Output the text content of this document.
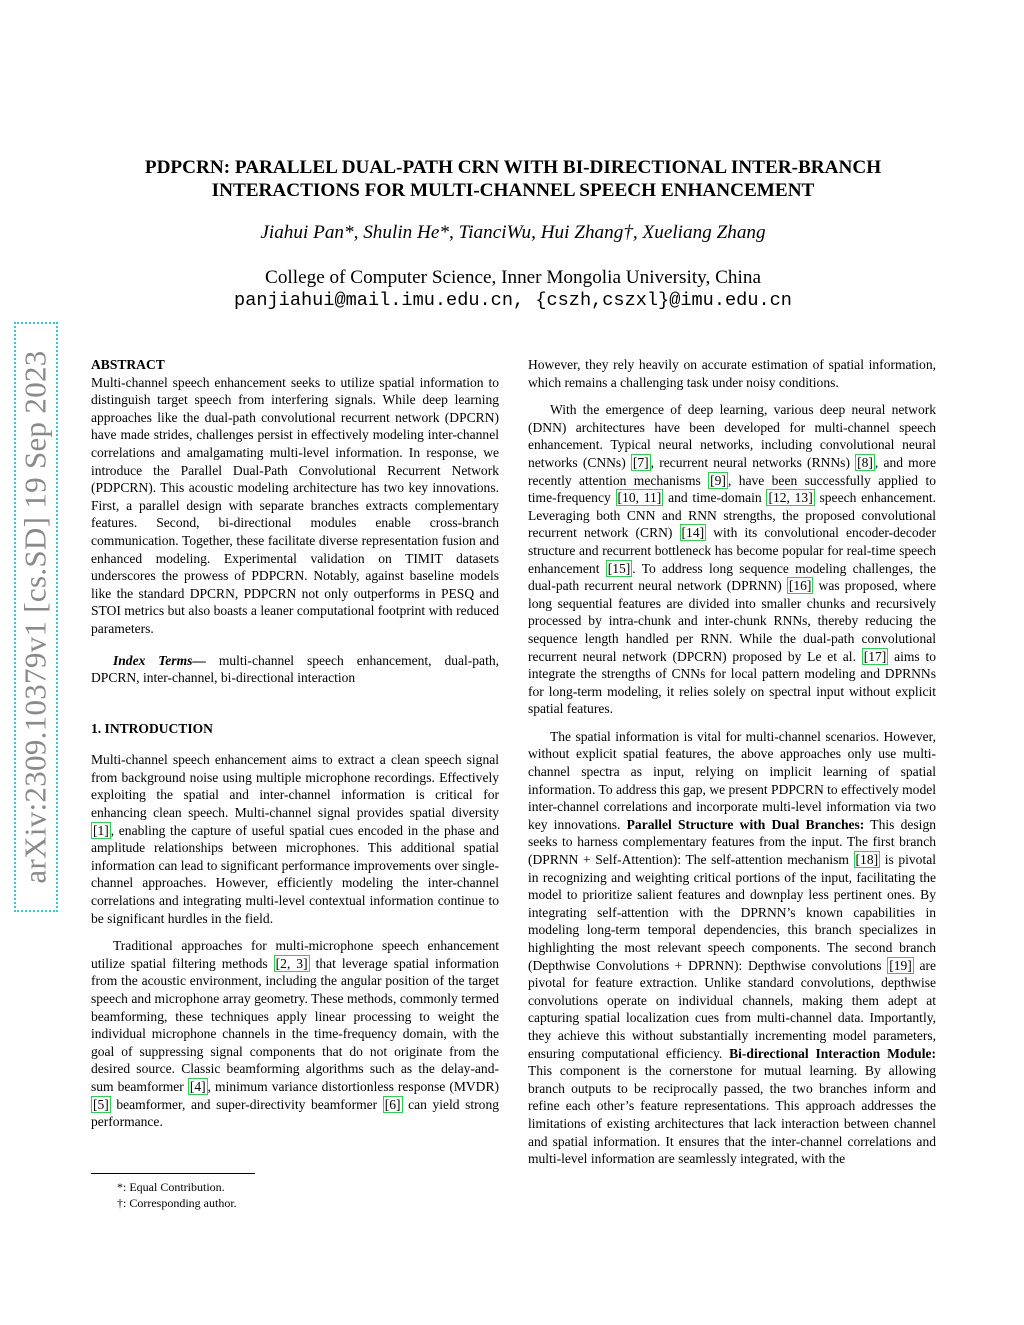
arXiv:2309.10379v1 [cs.SD] 19 Sep 2023
PDPCRN: PARALLEL DUAL-PATH CRN WITH BI-DIRECTIONAL INTER-BRANCH
INTERACTIONS FOR MULTI-CHANNEL SPEECH ENHANCEMENT
Jiahui Pan*, Shulin He*, TianciWu, Hui Zhang†, Xueliang Zhang
College of Computer Science, Inner Mongolia University, China
panjiahui@mail.imu.edu.cn, {cszh,cszxl}@imu.edu.cn

ABSTRACT

Multi-channel speech enhancement seeks to utilize spatial information to distinguish target speech from interfering signals. While deep learning approaches like the dual-path convolutional recurrent network (DPCRN) have made strides, challenges persist in effectively modeling inter-channel correlations and amalgamating multi-level information. In response, we introduce the Parallel Dual-Path Convolutional Recurrent Network (PDPCRN). This acoustic modeling architecture has two key innovations. First, a parallel design with separate branches extracts complementary features. Second, bi-directional modules enable cross-branch communication. Together, these facilitate diverse representation fusion and enhanced modeling. Experimental validation on TIMIT datasets underscores the prowess of PDPCRN. Notably, against baseline models like the standard DPCRN, PDPCRN not only outperforms in PESQ and STOI metrics but also boasts a leaner computational footprint with reduced parameters.

Index Terms— multi-channel speech enhancement, dual-path, DPCRN, inter-channel, bi-directional interaction

1. INTRODUCTION

Multi-channel speech enhancement aims to extract a clean speech signal from background noise using multiple microphone recordings. Effectively exploiting the spatial and inter-channel information is critical for enhancing clean speech. Multi-channel signal provides spatial diversity [1] , enabling the capture of useful spatial cues encoded in the phase and amplitude relationships between microphones. This additional spatial information can lead to significant performance improvements over single-channel approaches. However, efficiently modeling the inter-channel correlations and integrating multi-level contextual information continue to be significant hurdles in the field.

Traditional approaches for multi-microphone speech enhancement utilize spatial filtering methods [2, 3] that leverage spatial information from the acoustic environment, including the angular position of the target speech and microphone array geometry. These methods, commonly termed beamforming, these techniques apply linear processing to weight the individual microphone channels in the time-frequency domain, with the goal of suppressing signal components that do not originate from the desired source. Classic beamforming algorithms such as the delay-and-sum beamformer [4] , minimum variance distortionless response (MVDR) [5] beamformer, and super-directivity beamformer [6] can yield strong performance.

*: Equal Contribution.
†: Corresponding author.

However, they rely heavily on accurate estimation of spatial information, which remains a challenging task under noisy conditions.

With the emergence of deep learning, various deep neural network (DNN) architectures have been developed for multi-channel speech enhancement. Typical neural networks, including convolutional neural networks (CNNs) [7] , recurrent neural networks (RNNs) [8] , and more recently attention mechanisms [9] , have been successfully applied to time-frequency [10, 11] and time-domain [12, 13] speech enhancement. Leveraging both CNN and RNN strengths, the proposed convolutional recurrent network (CRN) [14] with its convolutional encoder-decoder structure and recurrent bottleneck has become popular for real-time speech enhancement [15] . To address long sequence modeling challenges, the dual-path recurrent neural network (DPRNN) [16] was proposed, where long sequential features are divided into smaller chunks and recursively processed by intra-chunk and inter-chunk RNNs, thereby reducing the sequence length handled per RNN. While the dual-path convolutional recurrent neural network (DPCRN) proposed by Le et al. [17] aims to integrate the strengths of CNNs for local pattern modeling and DPRNNs for long-term modeling, it relies solely on spectral input without explicit spatial features.

The spatial information is vital for multi-channel scenarios. However, without explicit spatial features, the above approaches only use multi-channel spectra as input, relying on implicit learning of spatial information. To address this gap, we present PDPCRN to effectively model inter-channel correlations and incorporate multi-level information via two key innovations. Parallel Structure with Dual Branches: This design seeks to harness complementary features from the input. The first branch (DPRNN + Self-Attention): The self-attention mechanism [18] is pivotal in recognizing and weighting critical portions of the input, facilitating the model to prioritize salient features and downplay less pertinent ones. By integrating self-attention with the DPRNN’s known capabilities in modeling long-term temporal dependencies, this branch specializes in highlighting the most relevant speech components. The second branch (Depthwise Convolutions + DPRNN): Depthwise convolutions [19] are pivotal for feature extraction. Unlike standard convolutions, depthwise convolutions operate on individual channels, making them adept at capturing spatial localization cues from multi-channel data. Importantly, they achieve this without substantially incrementing model parameters, ensuring computational efficiency. Bi-directional Interaction Module: This component is the cornerstone for mutual learning. By allowing branch outputs to be reciprocally passed, the two branches inform and refine each other’s feature representations. This approach addresses the limitations of existing architectures that lack interaction between channel and spatial information. It ensures that the inter-channel correlations and multi-level information are seamlessly integrated, with the
